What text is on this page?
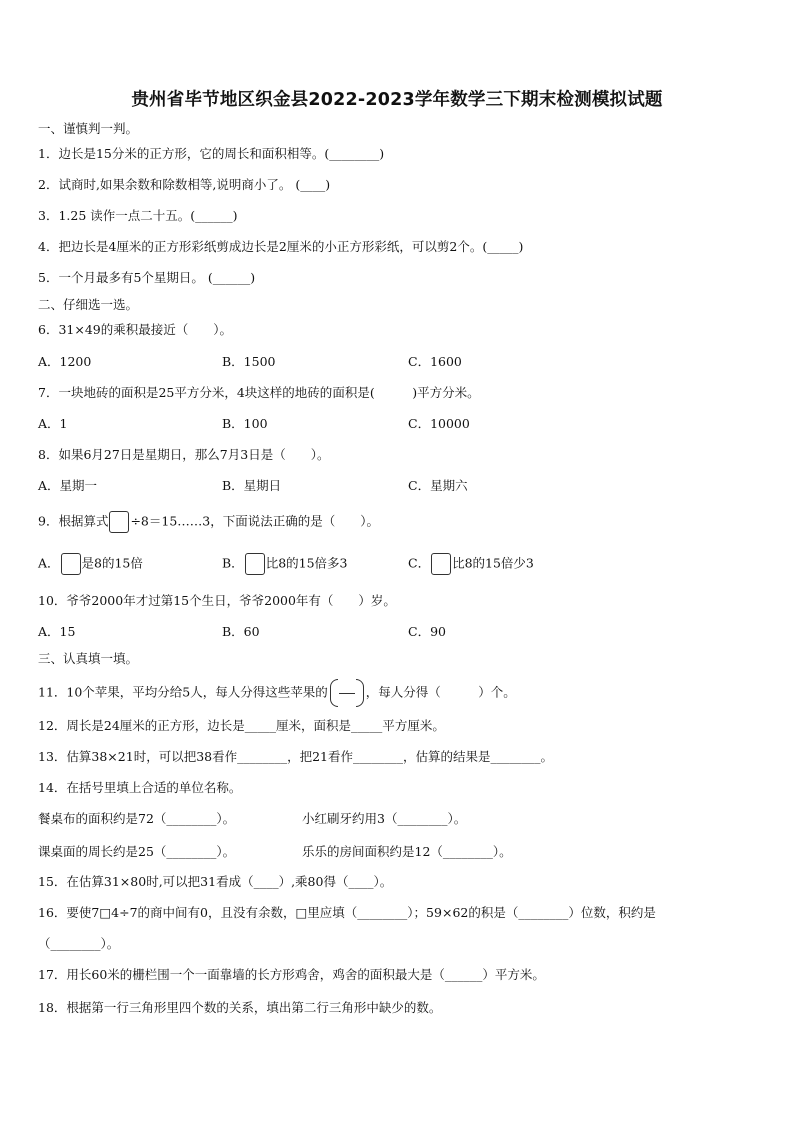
贵州省毕节地区织金县2022-2023学年数学三下期末检测模拟试题
一、谨慎判一判。
1．边长是15分米的正方形，它的周长和面积相等。(________)
2．试商时,如果余数和除数相等,说明商小了。 (____)
3．1.25 读作一点二十五。(______)
4．把边长是4厘米的正方形彩纸剪成边长是2厘米的小正方形彩纸，可以剪2个。(_____)
5．一个月最多有5个星期日。 (______)
二、仔细选一选。
6．31×49的乘积最接近（　　）。
A．1200	B．1500	C．1600
7．一块地砖的面积是25平方分米，4块这样的地砖的面积是(　　　)平方分米。
A．1	B．100	C．10000
8．如果6月27日是星期日，那么7月3日是（　　）。
A．星期一	B．星期日	C．星期六
9．根据算式 ÷8＝15……3，下面说法正确的是（　　）。
A． 是8的15倍	B． 比8的15倍多3	C． 比8的15倍少3
10．爷爷2000年才过第15个生日，爷爷2000年有（　　）岁。
A．15	B．60	C．90
三、认真填一填。
11．10个苹果，平均分给5人，每人分得这些苹果的	，每人分得（　　　）个。
12．周长是24厘米的正方形，边长是_____厘米，面积是_____平方厘米。
13．估算38×21时，可以把38看作________，把21看作________，估算的结果是________。
14．在括号里填上合适的单位名称。
餐桌布的面积约是72（________）。	小红刷牙约用3（________）。
课桌面的周长约是25（________）。	乐乐的房间面积约是12（________）。
15．在估算31×80时,可以把31看成（____）,乘80得（____）。
16．要使7□4÷7的商中间有0，且没有余数，□里应填（________）；59×62的积是（________）位数，积约是
（________）。
17．用长60米的栅栏围一个一面靠墙的长方形鸡舍，鸡舍的面积最大是（______）平方米。
18．根据第一行三角形里四个数的关系，填出第二行三角形中缺少的数。
